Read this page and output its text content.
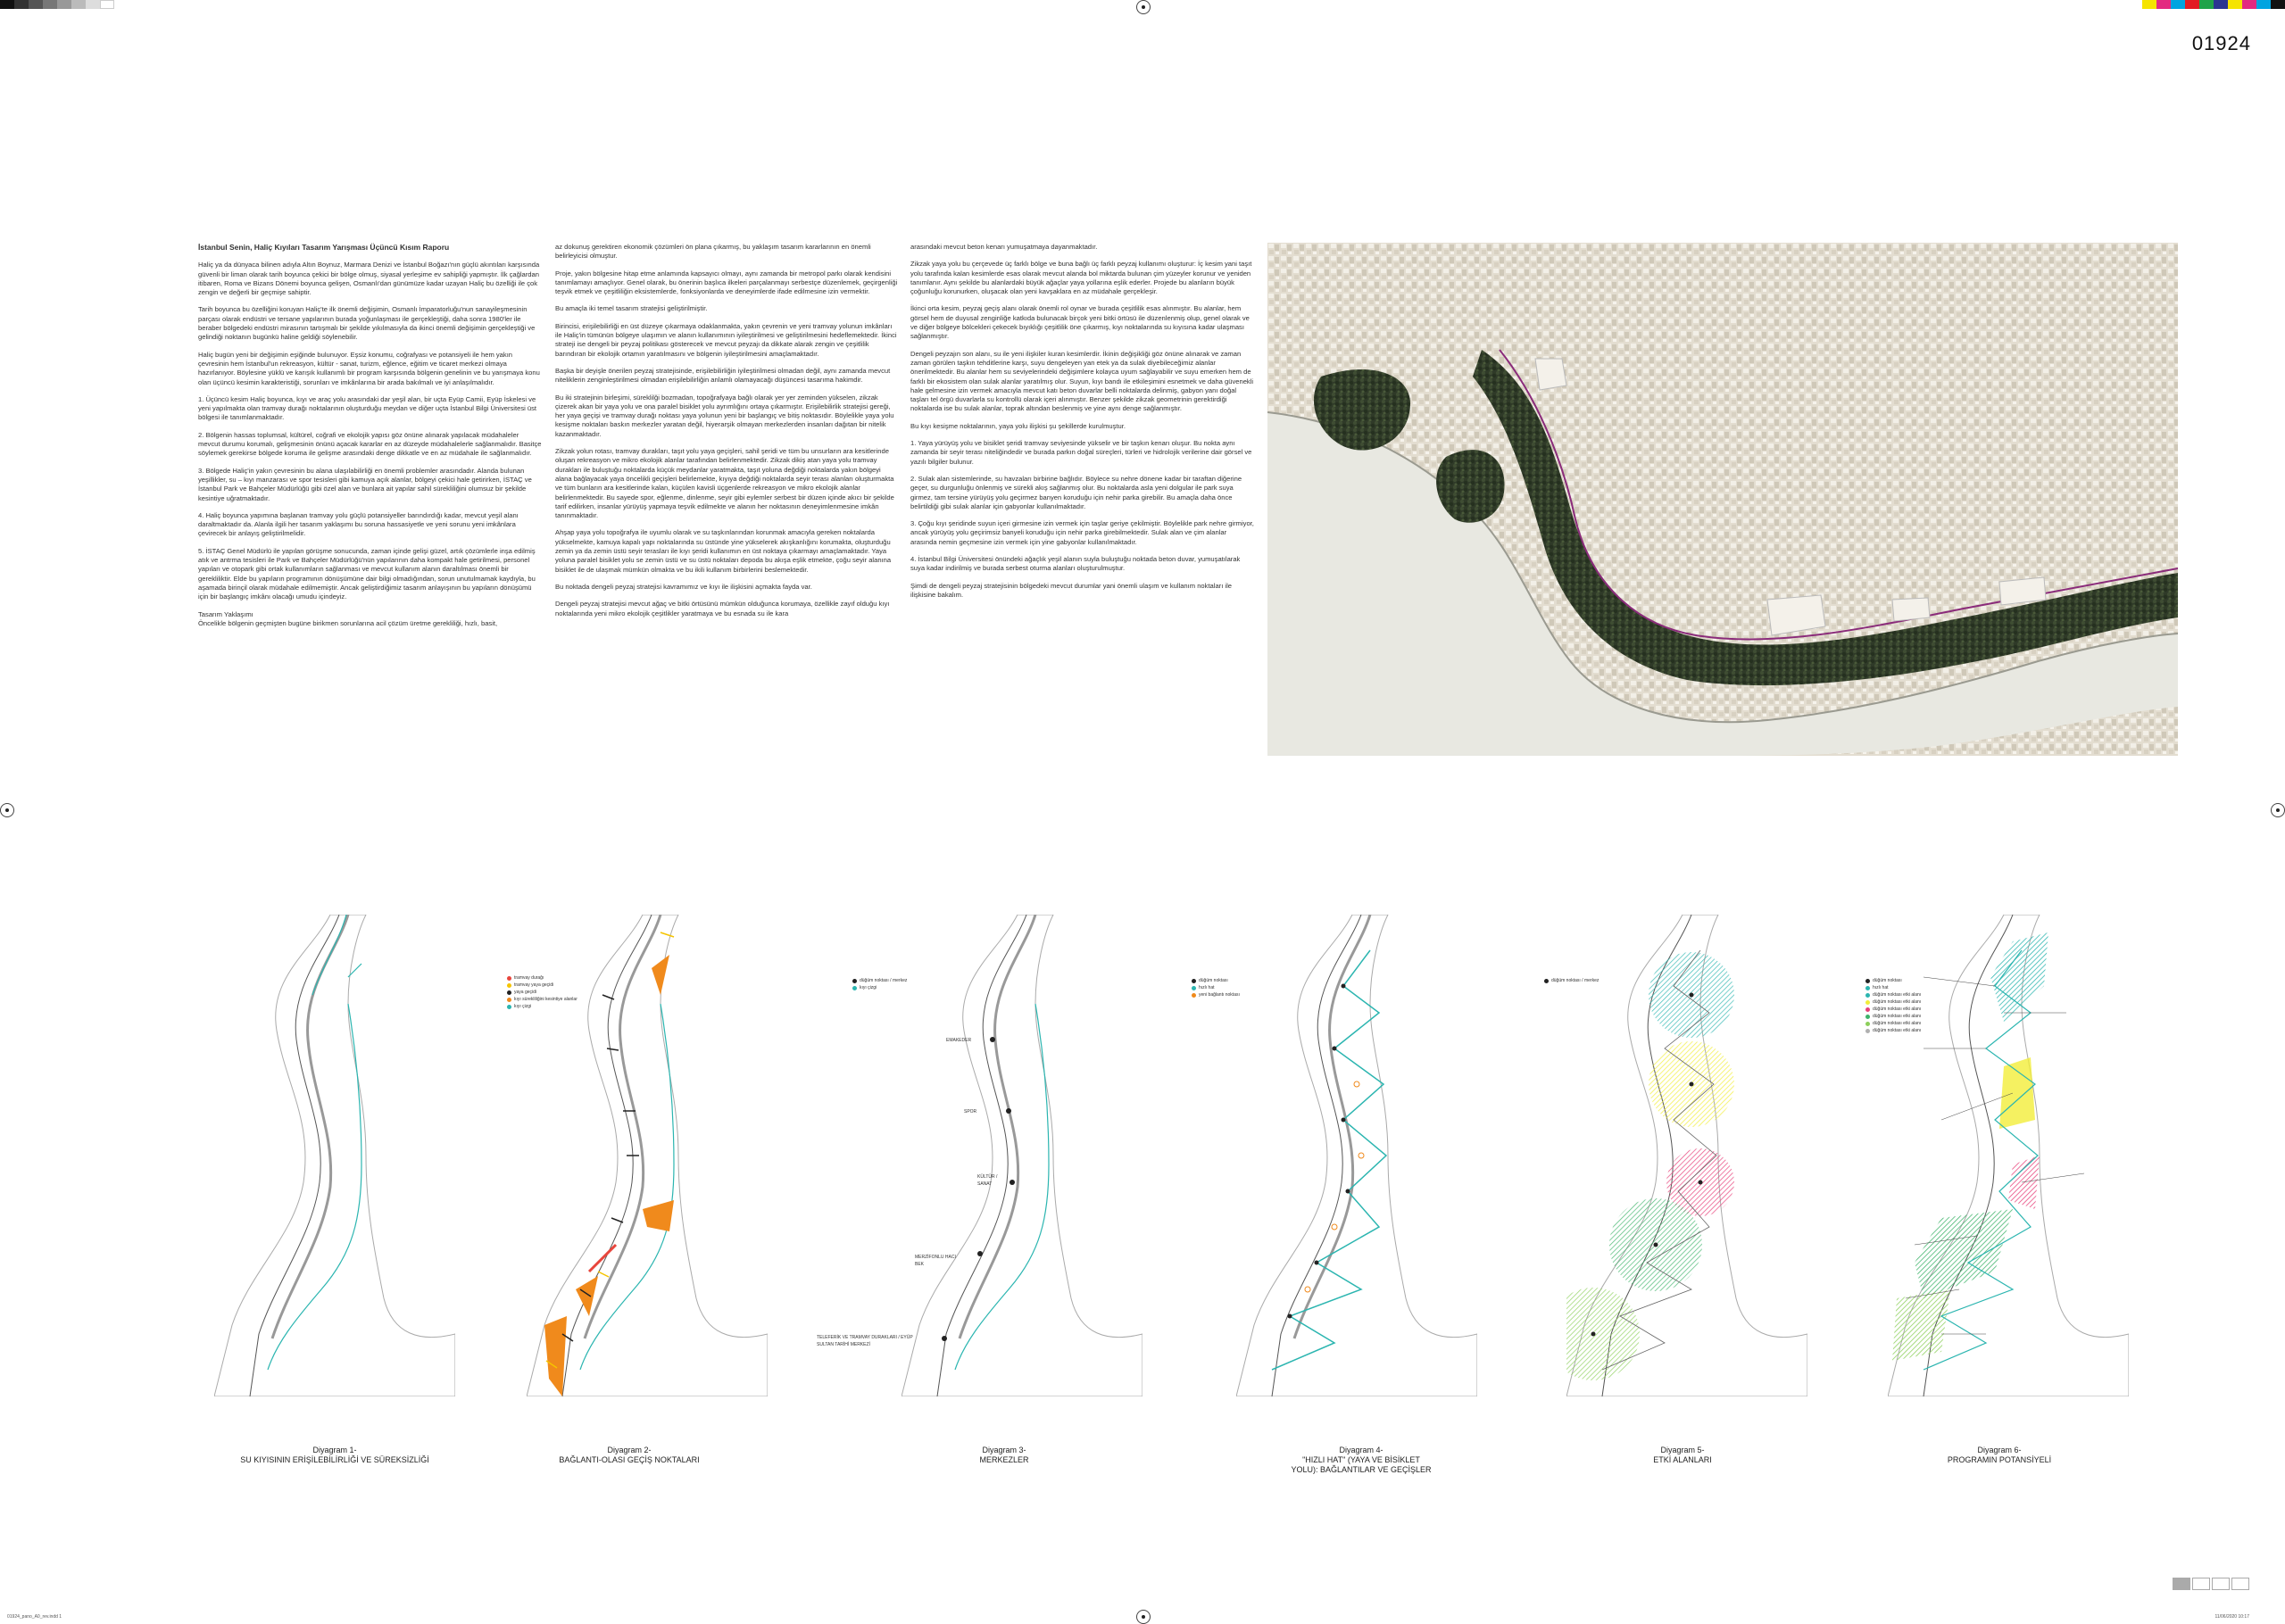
01924

İstanbul Senin, Haliç Kıyıları Tasarım Yarışması Üçüncü Kısım Raporu

Haliç ya da dünyaca bilinen adıyla Altın Boynuz, Marmara Denizi ve İstanbul Boğazı'nın güçlü akıntıları karşısında güvenli bir liman olarak tarih boyunca çekici bir bölge olmuş, siyasal yerleşime ev sahipliği yapmıştır. İlk çağlardan itibaren, Roma ve Bizans Dönemi boyunca gelişen, Osmanlı'dan günümüze kadar uzayan Haliç bu özelliği ile çok zengin ve değerli bir geçmişe sahiptir.

Tarih boyunca bu özelliğini koruyan Haliç'te ilk önemli değişimin, Osmanlı İmparatorluğu'nun sanayileşmesinin parçası olarak endüstri ve tersane yapılarının burada yoğunlaşması ile gerçekleştiği, daha sonra 1980'ler ile beraber bölgedeki endüstri mirasının tartışmalı bir şekilde yıkılmasıyla da ikinci önemli değişimin gerçekleştiği ve gelindiği noktanın bugünkü haline geldiği söylenebilir.

Haliç bugün yeni bir değişimin eşiğinde bulunuyor. Eşsiz konumu, coğrafyası ve potansiyeli ile hem yakın çevresinin hem İstanbul'un rekreasyon, kültür - sanat, turizm, eğlence, eğitim ve ticaret merkezi olmaya hazırlanıyor. Böylesine yüklü ve karışık kullanımlı bir program karşısında bölgenin genelinin ve bu yarışmaya konu olan üçüncü kesimin karakteristiği, sorunları ve imkânlarına bir arada bakılmalı ve iyi anlaşılmalıdır.

1. Üçüncü kesim Haliç boyunca, kıyı ve araç yolu arasındaki dar yeşil alan, bir uçta Eyüp Camii, Eyüp İskelesi ve yeni yapılmakta olan tramvay durağı noktalarının oluşturduğu meydan ve diğer uçta İstanbul Bilgi Üniversitesi üst bölgesi ile tanımlanmaktadır.

2. Bölgenin hassas toplumsal, kültürel, coğrafi ve ekolojik yapısı göz önüne alınarak yapılacak müdahaleler mevcut durumu korumalı, gelişmesinin önünü açacak kararlar en az düzeyde müdahalelerle sağlanmalıdır. Basitçe söylemek gerekirse bölgede koruma ile gelişme arasındaki denge dikkatle ve en az müdahale ile sağlanmalıdır.

3. Bölgede Haliç'in yakın çevresinin bu alana ulaşılabilirliği en önemli problemler arasındadır. Alanda bulunan yeşillikler, su – kıyı manzarası ve spor tesisleri gibi kamuya açık alanlar, bölgeyi çekici hale getirirken, İSTAÇ ve İstanbul Park ve Bahçeler Müdürlüğü gibi özel alan ve bunlara ait yapılar sahil sürekliliğini olumsuz bir şekilde kesintiye uğratmaktadır.

4. Haliç boyunca yapımına başlanan tramvay yolu güçlü potansiyeller barındırdığı kadar, mevcut yeşil alanı daraltmaktadır da. Alanla ilgili her tasarım yaklaşımı bu soruna hassasiyetle ve yeni sorunu yeni imkânlara çevirecek bir anlayış geliştirilmelidir.

5. İSTAÇ Genel Müdürlü ile yapılan görüşme sonucunda, zaman içinde gelişi güzel, artık çözümlerle inşa edilmiş atık ve antrma tesisleri ile Park ve Bahçeler Müdürlüğü'nün yapılarının daha kompakt hale getirilmesi, personel yapıları ve otopark gibi ortak kullanımların sağlanması ve mevcut kullanım alanın daraltılması önemli bir gerekliliktir. Elde bu yapıların programının dönüşümüne dair bilgi olmadığından, sorun unutulmamak kaydıyla, bu aşamada birinçil olarak müdahale edilmemiştir. Ancak geliştirdiğimiz tasarım anlayışının bu yapıların dönüşümü için bir başlangıç imkânı olacağı umudu içindeyiz.

Tasarım Yaklaşımı
Öncelikle bölgenin geçmişten bugüne birikmen sorunlarına acil çözüm üretme gerekliliği, hızlı, basit,

az dokunuş gerektiren ekonomik çözümleri ön plana çıkarmış, bu yaklaşım tasarım kararlarının en önemli belirleyicisi olmuştur.

Proje, yakın bölgesine hitap etme anlamında kapsayıcı olmayı, aynı zamanda bir metropol parkı olarak kendisini tanımlamayı amaçlıyor. Genel olarak, bu önerinin başlıca ilkeleri parçalanmayı serbestçe düzenlemek, geçirgenliği teşvik etmek ve çeşitliliğin eksistemlerde, fonksiyonlarda ve deneyimlerde ifade edilmesine izin vermektir.

Bu amaçla iki temel tasarım stratejisi geliştirilmiştir.

Birincisi, erişilebilirliği en üst düzeye çıkarmaya odaklanmakta, yakın çevrenin ve yeni tramvay yolunun imkânları ile Haliç'in tümünün bölgeye ulaşımın ve alanın kullanımının iyileştirilmesi ve geliştirilmesini hedeflemektedir. İkinci strateji ise dengeli bir peyzaj politikası gösterecek ve mevcut peyzajı da dikkate alarak zengin ve çeşitlilik barındıran bir ekolojik ortamın yaratılmasını ve bölgenin iyileştirilmesini amaçlamaktadır.

Başka bir deyişle önerilen peyzaj stratejisinde, erişilebilirliğin iyileştirilmesi olmadan değil, aynı zamanda mevcut niteliklerin zenginleştirilmesi olmadan erişilebilirliğin anlamlı olamayacağı düşüncesi tasarıma hakimdir.

Bu iki stratejinin birleşimi, süreklilği bozmadan, topoğrafyaya bağlı olarak yer yer zeminden yükselen, zikzak çizerek akan bir yaya yolu ve ona paralel bisiklet yolu ayrımlığını ortaya çıkarmıştır. Erişilebilirlik stratejisi gereği, her yaya geçişi ve tramvay durağı noktası yaya yolunun yeni bir başlangıç ve bitiş noktasıdır. Böylelikle yaya yolu kesişme noktaları baskın merkezler yaratan değil, hiyerarşik olmayan merkezlerden insanları dağıtan bir nitelik kazanmaktadır.

Zikzak yolun rotası, tramvay durakları, taşıt yolu yaya geçişleri, sahil şeridi ve tüm bu unsurların ara kesitlerinde oluşan rekreasyon ve mikro ekolojik alanlar tarafından belirlenmektedir. Zikzak dikiş atan yaya yolu tramvay durakları ile buluştuğu noktalarda küçük meydanlar yaratmakta, taşıt yoluna değdiği noktalarda yakın bölgeyi alana bağlayacak yaya öncelikli geçişleri belirlemekte, kıyıya değdiği noktalarda seyir terası alanları oluşturmakta ve tüm bunların ara kesitlerinde kalan, küçülen kavisli üçgenlerde rekreasyon ve mikro ekolojik alanlar belirlenmektedir. Bu sayede spor, eğlenme, dinlenme, seyir gibi eylemler serbest bir düzen içinde akıcı bir şekilde tarif edilirken, insanlar yürüyüş yapmaya teşvik edilmekte ve alanın her noktasının deneyimlenmesine imkân tanınmaktadır.

Ahşap yaya yolu topoğrafya ile uyumlu olarak ve su taşkınlarından korunmak amacıyla gereken noktalarda yükselmekte, kamuya kapalı yapı noktalarında su üstünde yine yükselerek akışkanlığını korumakta, oluşturduğu zemin ya da zemin üstü seyir terasları ile kıyı şeridi kullanımın en üst noktaya çıkarmayı amaçlamaktadır. Yaya yoluna paralel bisiklet yolu se zemin üstü ve su üstü noktaları depoda bu akışa eşlik etmekte, çoğu seyir alanına bisiklet ile de ulaşmak mümkün olmakta ve bu ikili kullanım birbirlerini beslemektedir.

Bu noktada dengeli peyzaj stratejisi kavramımız ve kıyı ile ilişkisini açmakta fayda var.

Dengeli peyzaj stratejisi mevcut ağaç ve bitki örtüsünü mümkün olduğunca korumaya, özellikle zayıf olduğu kıyı noktalarında yeni mikro ekolojik çeşitlikler yaratmaya ve bu esnada su ile kara

arasındaki mevcut beton kenarı yumuşatmaya dayanmaktadır.

Zikzak yaya yolu bu çerçevede üç farklı bölge ve buna bağlı üç farklı peyzaj kullanımı oluşturur: İç kesim yani taşıt yolu tarafında kalan kesimlerde esas olarak mevcut alanda bol miktarda bulunan çim yüzeyler korunur ve yeniden tanımlanır. Aynı şekilde bu alanlardaki büyük ağaçlar yaya yollarına eşlik ederler. Projede bu alanların büyük çoğunluğu korunurken, oluşacak olan yeni kavşaklara en az müdahale gerçekleşir.

İkinci orta kesim, peyzaj geçiş alanı olarak önemli rol oynar ve burada çeşitlilik esas alınmıştır. Bu alanlar, hem görsel hem de duyusal zenginliğe katkıda bulunacak birçok yeni bitki örtüsü ile düzenlenmiş olup, genel olarak ve ve diğer bölgeye bölcekleri çekecek bıyıklığı çeşitlilik öne çıkarmış, kıyı noktalarında su kıyısına kadar ulaşması sağlanmıştır.

Dengeli peyzajın son alanı, su ile yeni ilişkiler kuran kesimlerdir. İkinin değişikliği göz önüne alınarak ve zaman zaman görülen taşkın tehditlerine karşı, suyu dengeleyen yan etek ya da sulak diyebileceğimiz alanlar önerilmektedir. Bu alanlar hem su seviyelerindeki değişimlere kolayca uyum sağlayabilir ve suyu emerken hem de farklı bir ekosistem olan sulak alanlar yaratılmış olur. Suyun, kıyı bandı ile etkileşimini esnetmek ve daha güvenekli hale gelmesine izin vermek amacıyla mevcut katı beton duvarlar belli noktalarda delinmiş, gabyon yanı doğal taşları tel örgü duvarlarla su kontrollü olarak içeri alınmıştır. Benzer şekilde zikzak geometrinin gerektirdiği noktalarda ise bu sulak alanlar, toprak altından beslenmiş ve yine aynı denge sağlanmıştır.

Bu kıyı kesişme noktalarının, yaya yolu ilişkisi şu şekillerde kurulmuştur.

1. Yaya yürüyüş yolu ve bisiklet şeridi tramvay seviyesinde yükselir ve bir taşkın kenarı oluşur. Bu nokta aynı zamanda bir seyir terası niteliğindedir ve burada parkın doğal süreçleri, türleri ve hidrolojik verilerine dair görsel ve yazılı bilgiler bulunur.

2. Sulak alan sistemlerinde, su havzaları birbirine bağlıdır. Böylece su nehre dönene kadar bir taraftan diğerine geçer, su durgunluğu önlenmiş ve sürekli akış sağlanmış olur. Bu noktalarda asla yeni dolgular ile park suya girmez, tam tersine yürüyüş yolu geçirmez banyen koruduğu için nehir parka girebilir. Bu amaçla daha önce belirtildiği gibi sulak alanlar için gabyonlar kullanılmaktadır.

3. Çoğu kıyı şeridinde suyun içeri girmesine izin vermek için taşlar geriye çekilmiştir. Böylelikle park nehre girmiyor, ancak yürüyüş yolu geçirimsiz banyeli koruduğu için nehir parka girebilmektedir. Sulak alan ve çim alanlar arasında nemin geçmesine izin vermek için yine gabyonlar kullanılmaktadır.

4. İstanbul Bilgi Üniversitesi önündeki ağaçlık yeşil alanın suyla buluştuğu noktada beton duvar, yumuşatılarak suya kadar indirilmiş ve burada serbest oturma alanları oluşturulmuştur.

Şimdi de dengeli peyzaj stratejisinin bölgedeki mevcut durumlar yani önemli ulaşım ve kullanım noktaları ile ilişkisine bakalım.

Diyagram 1-
SU KIYISININ ERİŞİLEBİLİRLİĞİ VE SÜREKSİZLİĞİ
tramvay durağı
tramvay yaya geçidi
yaya geçidi
kıyı sürekliliğini kesintiye alanlar
kıyı çizgi
Diyagram 2-
BAĞLANTI-OLASI GEÇİŞ NOKTALARI
düğüm noktası / merkez
kıyı çizgi
EMAKEDER
SPOR
KÜLTÜR / SANAT
MERZİFONLU HACI BEK
TELEFERİK VE TRAMVAY DURAKLARI / EYÜP SULTAN TARİHİ MERKEZİ
Diyagram 3-
MERKEZLER
düğüm noktası
hızlı hat
yeni bağlantı noktası
Diyagram 4-
"HIZLI HAT" (YAYA VE BİSİKLET YOLU): BAĞLANTILAR VE GEÇİŞLER
düğüm noktası / merkez
Diyagram 5-
ETKİ ALANLARI
düğüm noktası
hızlı hat
düğüm noktası etki alanı
düğüm noktası etki alanı
düğüm noktası etki alanı
düğüm noktası etki alanı
düğüm noktası etki alanı
düğüm noktası etki alanı
Diyagram 6-
PROGRAMIN POTANSİYELİ
01924_pano_A0_rev.indd 1	11/06/2020 10:17
